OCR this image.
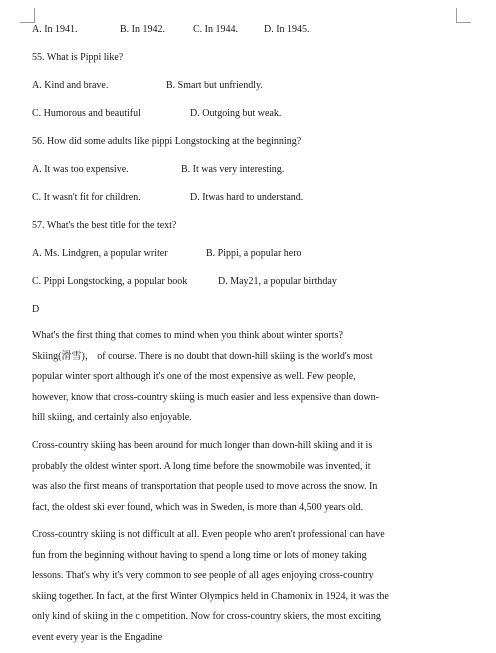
A. In 1941.	B. In 1942.	C. In 1944.	D. In 1945.
55. What is Pippi like?
A. Kind and brave.	B. Smart but unfriendly.
C. Humorous and beautiful	D. Outgoing but weak.
56. How did some adults like pippi Longstocking at the beginning?
A. It was too expensive.	B. It was very interesting.
C. It wasn't fit for children.	D. Itwas hard to understand.
57. What's the best title for the text?
A. Ms. Lindgren, a popular writer	B. Pippi, a popular hero
C. Pippi Longstocking, a popular book	D. May21, a popular birthday
D
What's the first thing that comes to mind when you think about winter sports?
Skiing(滑雪)， of course. There is no doubt that down-hill skiing is the world's most
popular winter sport although it's one of the most expensive as well. Few people,
however, know that cross-country skiing is much easier and less expensive than down-
hill skiing, and certainly also enjoyable.
Cross-country skiing has been around for much longer than down-hill skiing and it is
probably the oldest winter sport. A long time before the snowmobile was invented, it
was also the first means of transportation that people used to move across the snow. In
fact, the oldest ski ever found, which was in Sweden, is more than 4,500 years old.
Cross-country skiing is not difficult at all. Even people who aren't professional can have
fun from the beginning without having to spend a long time or lots of money taking
lessons. That's why it's very common to see people of all ages enjoying cross-country
skiing together. In fact, at the first Winter Olympics held in Chamonix in 1924, it was the
only kind of skiing in the c ompetition. Now for cross-country skiers, the most exciting
event every year is the Engadine
